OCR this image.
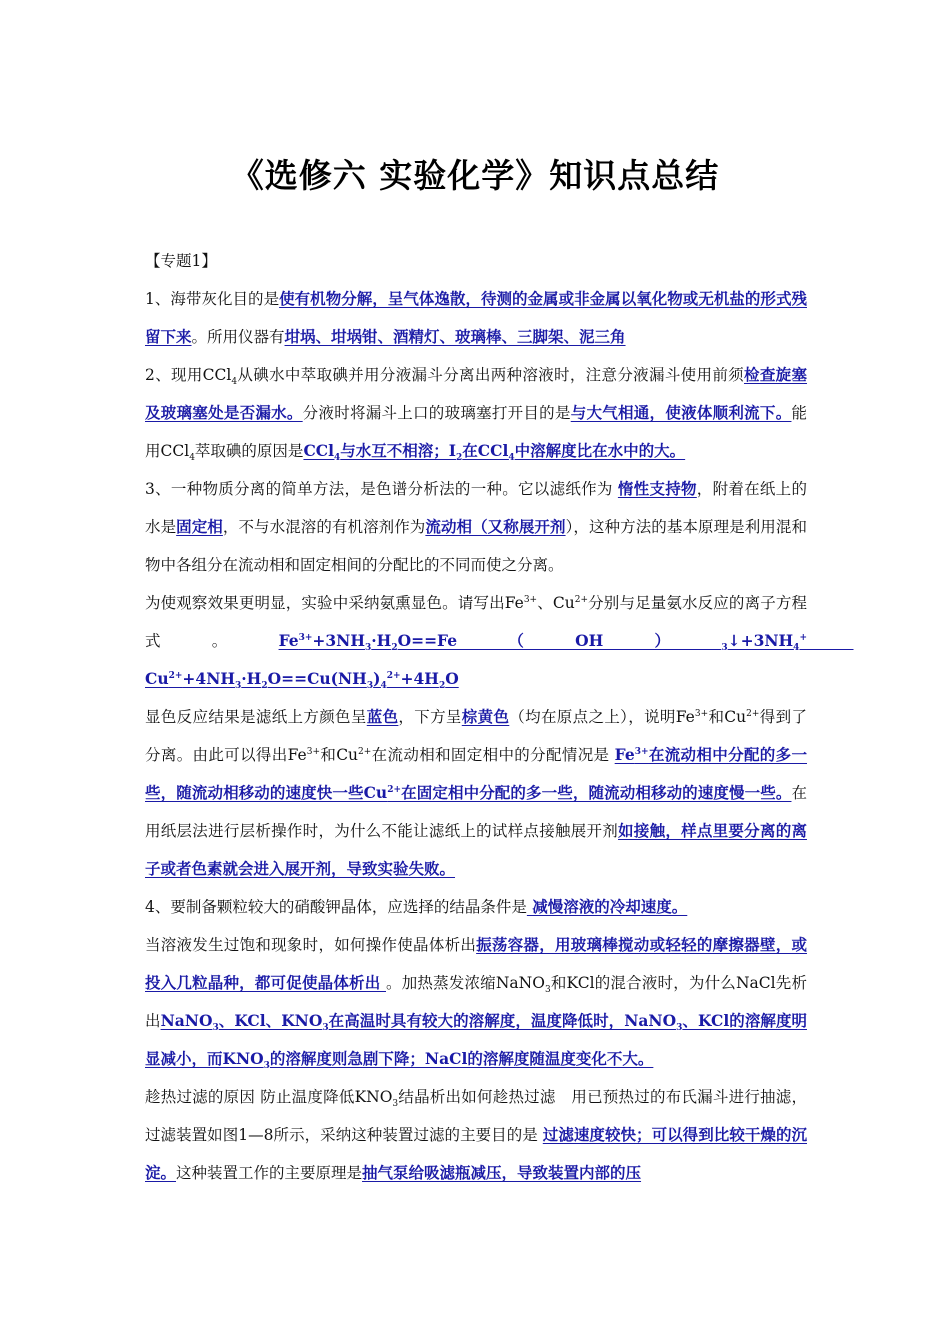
《选修六 实验化学》知识点总结

【专题1】

1、海带灰化目的是使有机物分解，呈气体逸散，待测的金属或非金属以氧化物或无机盐的形式残留下来。所用仪器有坩埚、坩埚钳、酒精灯、玻璃棒、三脚架、泥三角

2、现用CCl$_4$从碘水中萃取碘并用分液漏斗分离出两种溶液时，注意分液漏斗使用前须检查旋塞及玻璃塞处是否漏水。分液时将漏斗上口的玻璃塞打开目的是与大气相通，使液体顺利流下。能用CCl$_4$萃取碘的原因是CCl$_4$与水互不相溶；$I_2$在CCl$_4$中溶解度比在水中的大。

3、一种物质分离的简单方法，是色谱分析法的一种。它以滤纸作为 惰性支持物，附着在纸上的水是固定相，不与水混溶的有机溶剂作为流动相（又称展开剂），这种方法的基本原理是利用混和物中各组分在流动相和固定相间的分配比的不同而使之分离。

为使观察效果更明显，实验中采纳氨熏显色。请写出$Fe^{3+}$、$Cu^{2+}$分别与足量氨水反应的离子方程式。$Fe^{3+}+3NH_3\cdot H_2O==Fe(OH)_3↓+3NH_4^+$　　　$Cu^{2+}+4NH_3\cdot H_2O==Cu(NH_3)_4^{2+}+4H_2O$

显色反应结果是滤纸上方颜色呈蓝色，下方呈棕黄色（均在原点之上），说明$Fe^{3+}$和$Cu^{2+}$得到了分离。由此可以得出$Fe^{3+}$和$Cu^{2+}$在流动相和固定相中的分配情况是 $Fe^{3+}$在流动相中分配的多一些，随流动相移动的速度快一些$Cu^{2+}$在固定相中分配的多一些，随流动相移动的速度慢一些。在用纸层法进行层析操作时，为什么不能让滤纸上的试样点接触展开剂如接触，样点里要分离的离子或者色素就会进入展开剂，导致实验失败。

4、要制备颗粒较大的硝酸钾晶体，应选择的结晶条件是 减慢溶液的冷却速度。

当溶液发生过饱和现象时，如何操作使晶体析出振荡容器，用玻璃棒搅动或轻轻的摩擦器壁，或投入几粒晶种，都可促使晶体析出 。加热蒸发浓缩NaNO$_3$和KCl的混合液时，为什么NaCl先析出NaNO$_3$、KCl、$KNO_3$在高温时具有较大的溶解度，温度降低时，NaNO$_3$、KCl的溶解度明显减小，而$KNO_3$的溶解度则急剧下降；NaCl的溶解度随温度变化不大。

趁热过滤的原因 防止温度降低$KNO_3$结晶析出如何趁热过滤　用已预热过的布氏漏斗进行抽滤，过滤装置如图1—8所示，采纳这种装置过滤的主要目的是 过滤速度较快；可以得到比较干燥的沉淀。这种装置工作的主要原理是抽气泵给吸滤瓶减压，导致装置内部的压
